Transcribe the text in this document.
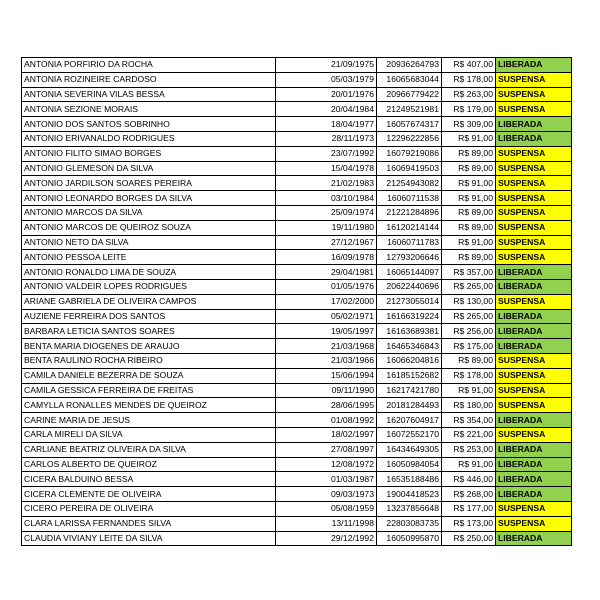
ANTONIA PORFIRIO DA ROCHA	21/09/1975	20936264793	R$ 407,00	LIBERADA
ANTONIA ROZINEIRE CARDOSO	05/03/1979	16065683044	R$ 178,00	SUSPENSA
ANTONIA SEVERINA VILAS BESSA	20/01/1976	20966779422	R$ 263,00	SUSPENSA
ANTONIA SEZIONE MORAIS	20/04/1984	21249521981	R$ 179,00	SUSPENSA
ANTONIO DOS SANTOS SOBRINHO	18/04/1977	16057674317	R$ 309,00	LIBERADA
ANTONIO ERIVANALDO RODRIGUES	28/11/1973	12296222856	R$ 91,00	LIBERADA
ANTONIO FILITO SIMAO BORGES	23/07/1992	16079219086	R$ 89,00	SUSPENSA
ANTONIO GLEMESON DA SILVA	15/04/1978	16069419503	R$ 89,00	SUSPENSA
ANTONIO JARDILSON SOARES PEREIRA	21/02/1983	21254943082	R$ 91,00	SUSPENSA
ANTONIO LEONARDO BORGES DA SILVA	03/10/1984	16060711538	R$ 91,00	SUSPENSA
ANTONIO MARCOS DA SILVA	25/09/1974	21221284896	R$ 89,00	SUSPENSA
ANTONIO MARCOS DE QUEIROZ SOUZA	19/11/1980	16120214144	R$ 89,00	SUSPENSA
ANTONIO NETO DA SILVA	27/12/1967	16060711783	R$ 91,00	SUSPENSA
ANTONIO PESSOA LEITE	16/09/1978	12793206646	R$ 89,00	SUSPENSA
ANTONIO RONALDO LIMA DE SOUZA	29/04/1981	16065144097	R$ 357,00	LIBERADA
ANTONIO VALDEIR LOPES RODRIGUES	01/05/1976	20622440696	R$ 265,00	LIBERADA
ARIANE GABRIELA DE OLIVEIRA CAMPOS	17/02/2000	21273055014	R$ 130,00	SUSPENSA
AUZIENE FERREIRA DOS SANTOS	05/02/1971	16166319224	R$ 265,00	LIBERADA
BARBARA LETICIA SANTOS SOARES	19/05/1997	16163689381	R$ 256,00	LIBERADA
BENTA MARIA DIOGENES DE ARAUJO	21/03/1968	16465346843	R$ 175,00	LIBERADA
BENTA RAULINO ROCHA RIBEIRO	21/03/1966	16066204816	R$ 89,00	SUSPENSA
CAMILA DANIELE BEZERRA DE SOUZA	15/06/1994	16185152682	R$ 178,00	SUSPENSA
CAMILA GESSICA FERREIRA DE FREITAS	09/11/1990	16217421780	R$ 91,00	SUSPENSA
CAMYLLA RONALLES MENDES DE QUEIROZ	28/06/1995	20181284493	R$ 180,00	SUSPENSA
CARINE MARIA DE JESUS	01/08/1992	16207604917	R$ 354,00	LIBERADA
CARLA MIRELI DA SILVA	18/02/1997	16072552170	R$ 221,00	SUSPENSA
CARLIANE BEATRIZ OLIVEIRA DA SILVA	27/08/1997	16434649305	R$ 253,00	LIBERADA
CARLOS ALBERTO DE QUEIROZ	12/08/1972	16050984054	R$ 91,00	LIBERADA
CICERA BALDUINO BESSA	01/03/1987	16535188486	R$ 446,00	LIBERADA
CICERA CLEMENTE DE OLIVEIRA	09/03/1973	19004418523	R$ 268,00	LIBERADA
CICERO PEREIRA DE OLIVEIRA	05/08/1959	13237856648	R$ 177,00	SUSPENSA
CLARA LARISSA FERNANDES SILVA	13/11/1998	22803083735	R$ 173,00	SUSPENSA
CLAUDIA VIVIANY LEITE DA SILVA	29/12/1992	16050995870	R$ 250,00	LIBERADA
